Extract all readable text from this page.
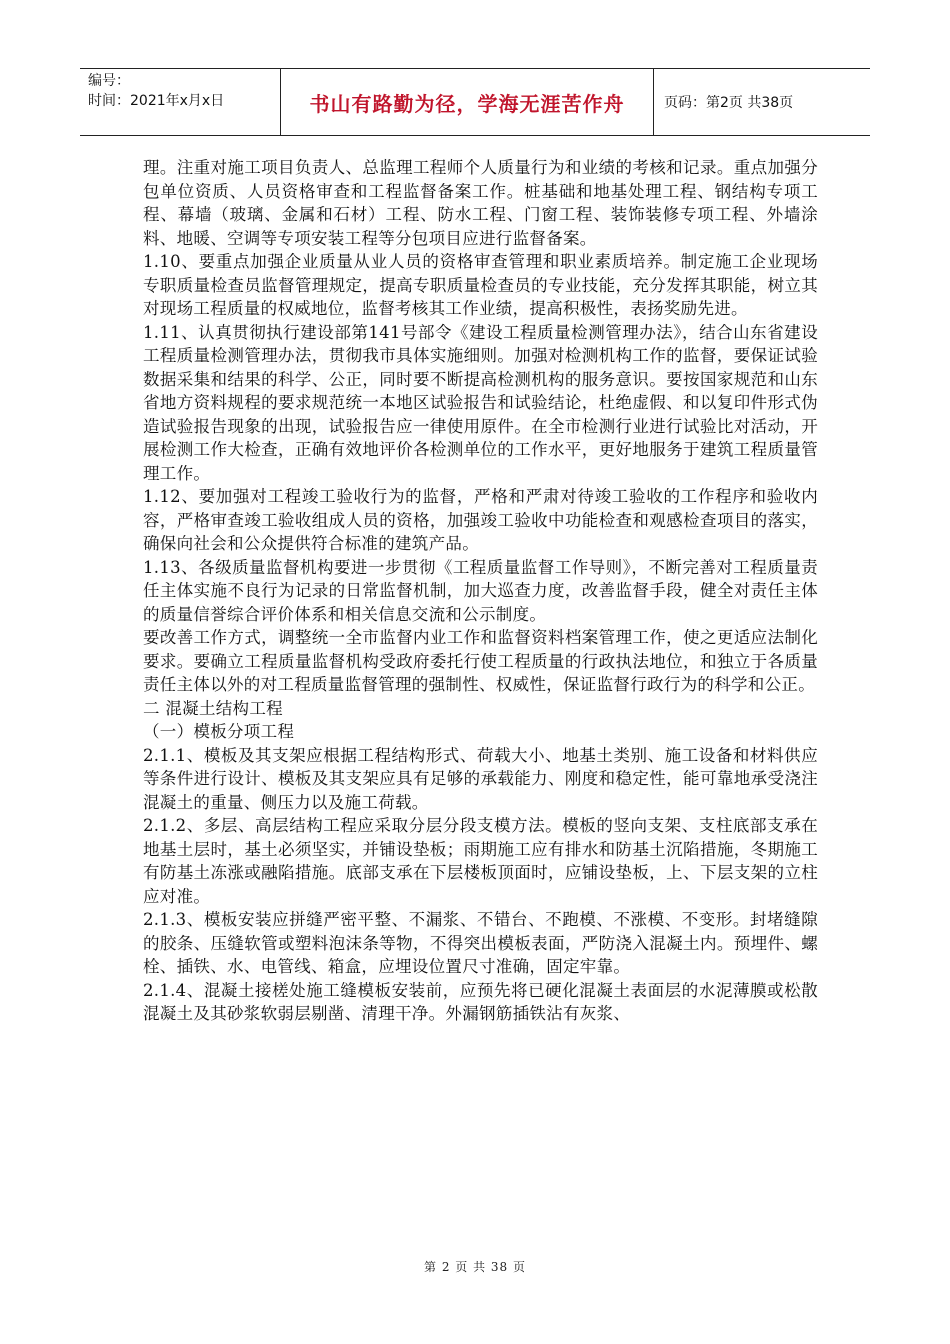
编号：
时间：2021年x月x日	书山有路勤为径，学海无涯苦作舟	页码：第2页 共38页

理。注重对施工项目负责人、总监理工程师个人质量行为和业绩的考核和记录。重点加强分包单位资质、人员资格审查和工程监督备案工作。桩基础和地基处理工程、钢结构专项工程、幕墙（玻璃、金属和石材）工程、防水工程、门窗工程、装饰装修专项工程、外墙涂料、地暖、空调等专项安装工程等分包项目应进行监督备案。

1.10、要重点加强企业质量从业人员的资格审查管理和职业素质培养。制定施工企业现场专职质量检查员监督管理规定，提高专职质量检查员的专业技能，充分发挥其职能，树立其对现场工程质量的权威地位，监督考核其工作业绩，提高积极性，表扬奖励先进。

1.11、认真贯彻执行建设部第141号部令《建设工程质量检测管理办法》，结合山东省建设工程质量检测管理办法，贯彻我市具体实施细则。加强对检测机构工作的监督，要保证试验数据采集和结果的科学、公正，同时要不断提高检测机构的服务意识。要按国家规范和山东省地方资料规程的要求规范统一本地区试验报告和试验结论，杜绝虚假、和以复印件形式伪造试验报告现象的出现，试验报告应一律使用原件。在全市检测行业进行试验比对活动，开展检测工作大检查，正确有效地评价各检测单位的工作水平，更好地服务于建筑工程质量管理工作。

1.12、要加强对工程竣工验收行为的监督，严格和严肃对待竣工验收的工作程序和验收内容，严格审查竣工验收组成人员的资格，加强竣工验收中功能检查和观感检查项目的落实，确保向社会和公众提供符合标准的建筑产品。

1.13、各级质量监督机构要进一步贯彻《工程质量监督工作导则》，不断完善对工程质量责任主体实施不良行为记录的日常监督机制，加大巡查力度，改善监督手段，健全对责任主体的质量信誉综合评价体系和相关信息交流和公示制度。

要改善工作方式，调整统一全市监督内业工作和监督资料档案管理工作，使之更适应法制化要求。要确立工程质量监督机构受政府委托行使工程质量的行政执法地位，和独立于各质量责任主体以外的对工程质量监督管理的强制性、权威性，保证监督行政行为的科学和公正。

二 混凝土结构工程

（一）模板分项工程

2.1.1、模板及其支架应根据工程结构形式、荷载大小、地基土类别、施工设备和材料供应等条件进行设计、模板及其支架应具有足够的承载能力、刚度和稳定性，能可靠地承受浇注混凝土的重量、侧压力以及施工荷载。

2.1.2、多层、高层结构工程应采取分层分段支模方法。模板的竖向支架、支柱底部支承在地基土层时，基土必须坚实，并铺设垫板；雨期施工应有排水和防基土沉陷措施，冬期施工有防基土冻涨或融陷措施。底部支承在下层楼板顶面时，应铺设垫板，上、下层支架的立柱应对准。

2.1.3、模板安装应拼缝严密平整、不漏浆、不错台、不跑模、不涨模、不变形。封堵缝隙的胶条、压缝软管或塑料泡沫条等物，不得突出模板表面，严防浇入混凝土内。预埋件、螺栓、插铁、水、电管线、箱盒，应埋设位置尺寸准确，固定牢靠。

2.1.4、混凝土接槎处施工缝模板安装前，应预先将已硬化混凝土表面层的水泥薄膜或松散混凝土及其砂浆软弱层剔凿、清理干净。外漏钢筋插铁沾有灰浆、

第 2 页 共 38 页
